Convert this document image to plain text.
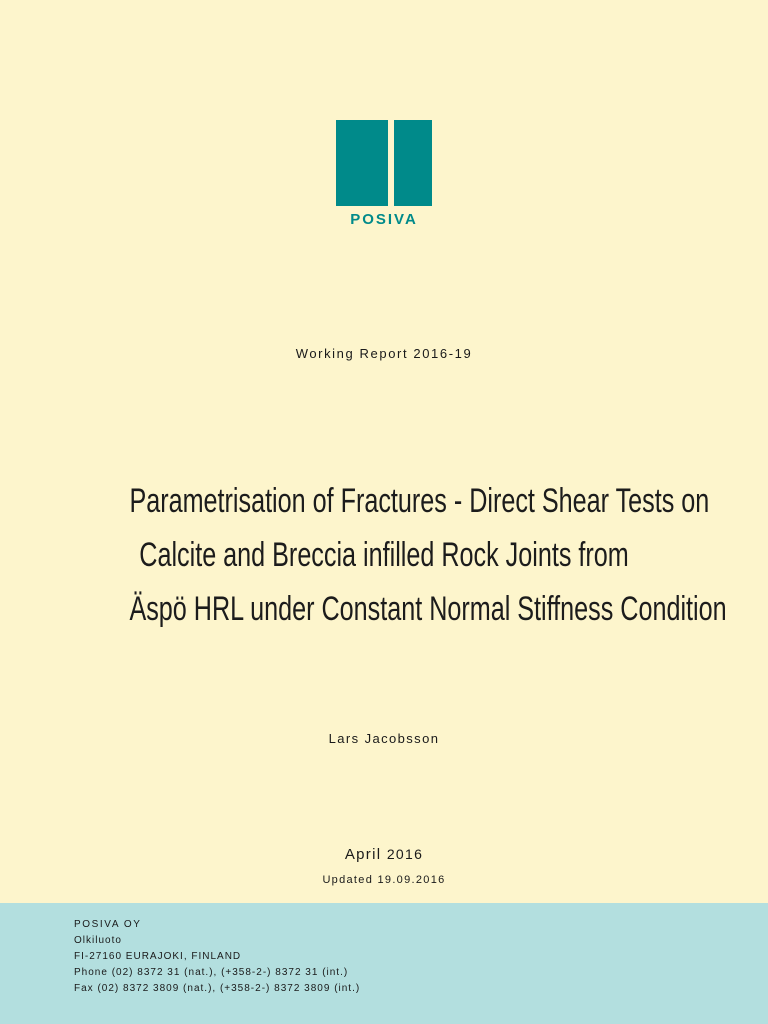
POSIVA
Working Report 2016-19
Parametrisation of Fractures - Direct Shear Tests on
Calcite and Breccia infilled Rock Joints from
Äspö HRL under Constant Normal Stiffness Condition
Lars Jacobsson
April 2016
Updated 19.09.2016
POSIVA OY
Olkiluoto
FI-27160 EURAJOKI, FINLAND
Phone (02) 8372 31 (nat.), (+358-2-) 8372 31 (int.)
Fax (02) 8372 3809 (nat.), (+358-2-) 8372 3809 (int.)
